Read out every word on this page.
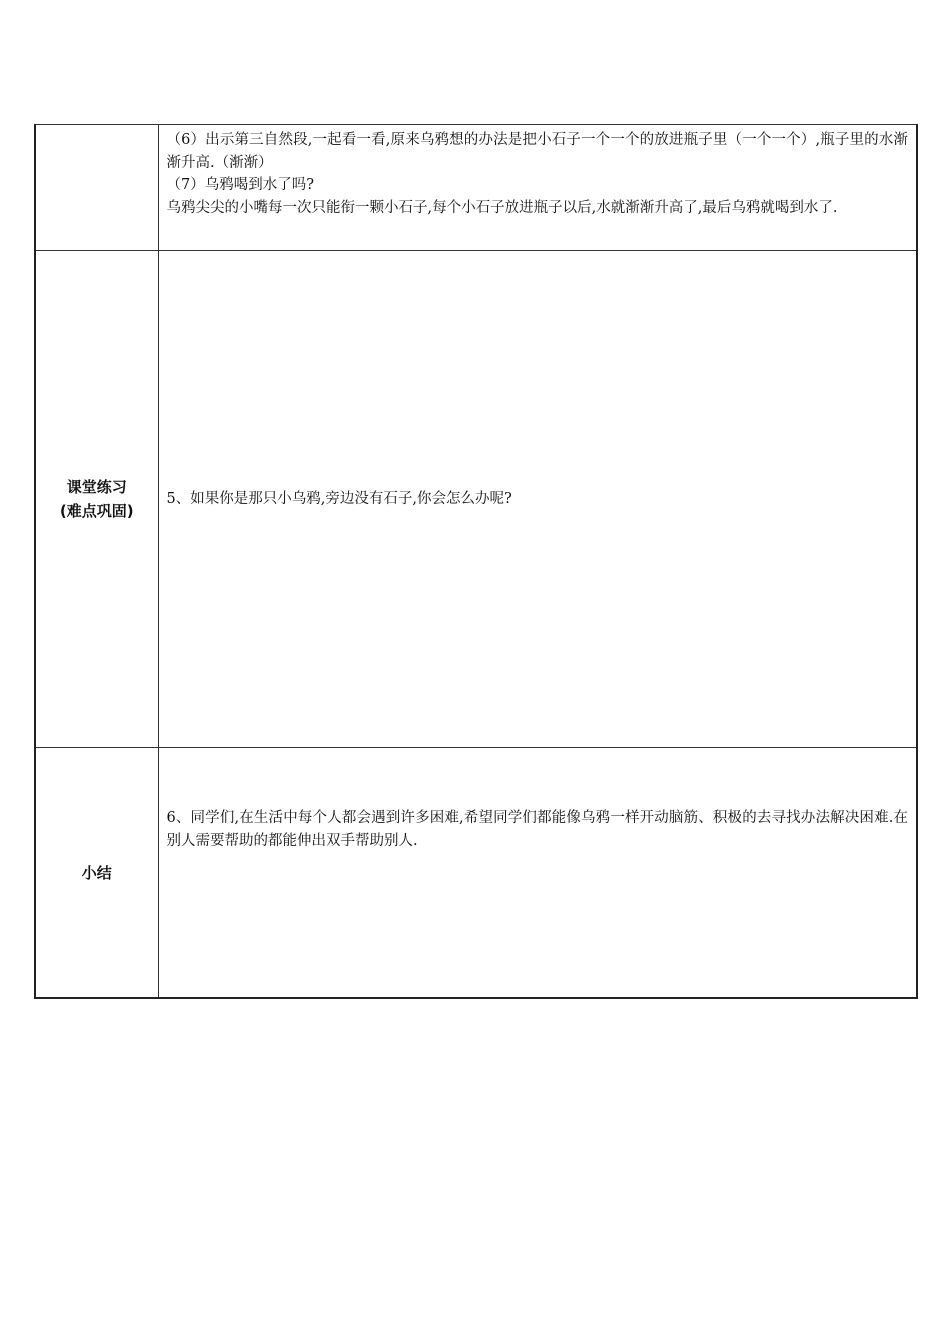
	（6）出示第三自然段,一起看一看,原来乌鸦想的办法是把小石子一个一个的放进瓶子里（一个一个）,瓶子里的水渐渐升高.（渐渐）

（7）乌鸦喝到水了吗?

乌鸦尖尖的小嘴每一次只能衔一颗小石子,每个小石子放进瓶子以后,水就渐渐升高了,最后乌鸦就喝到水了.

课堂练习
(难点巩固)	5、如果你是那只小乌鸦,旁边没有石子,你会怎么办呢?

小结	6、同学们,在生活中每个人都会遇到许多困难,希望同学们都能像乌鸦一样开动脑筋、积极的去寻找办法解决困难.在别人需要帮助的都能伸出双手帮助别人.
